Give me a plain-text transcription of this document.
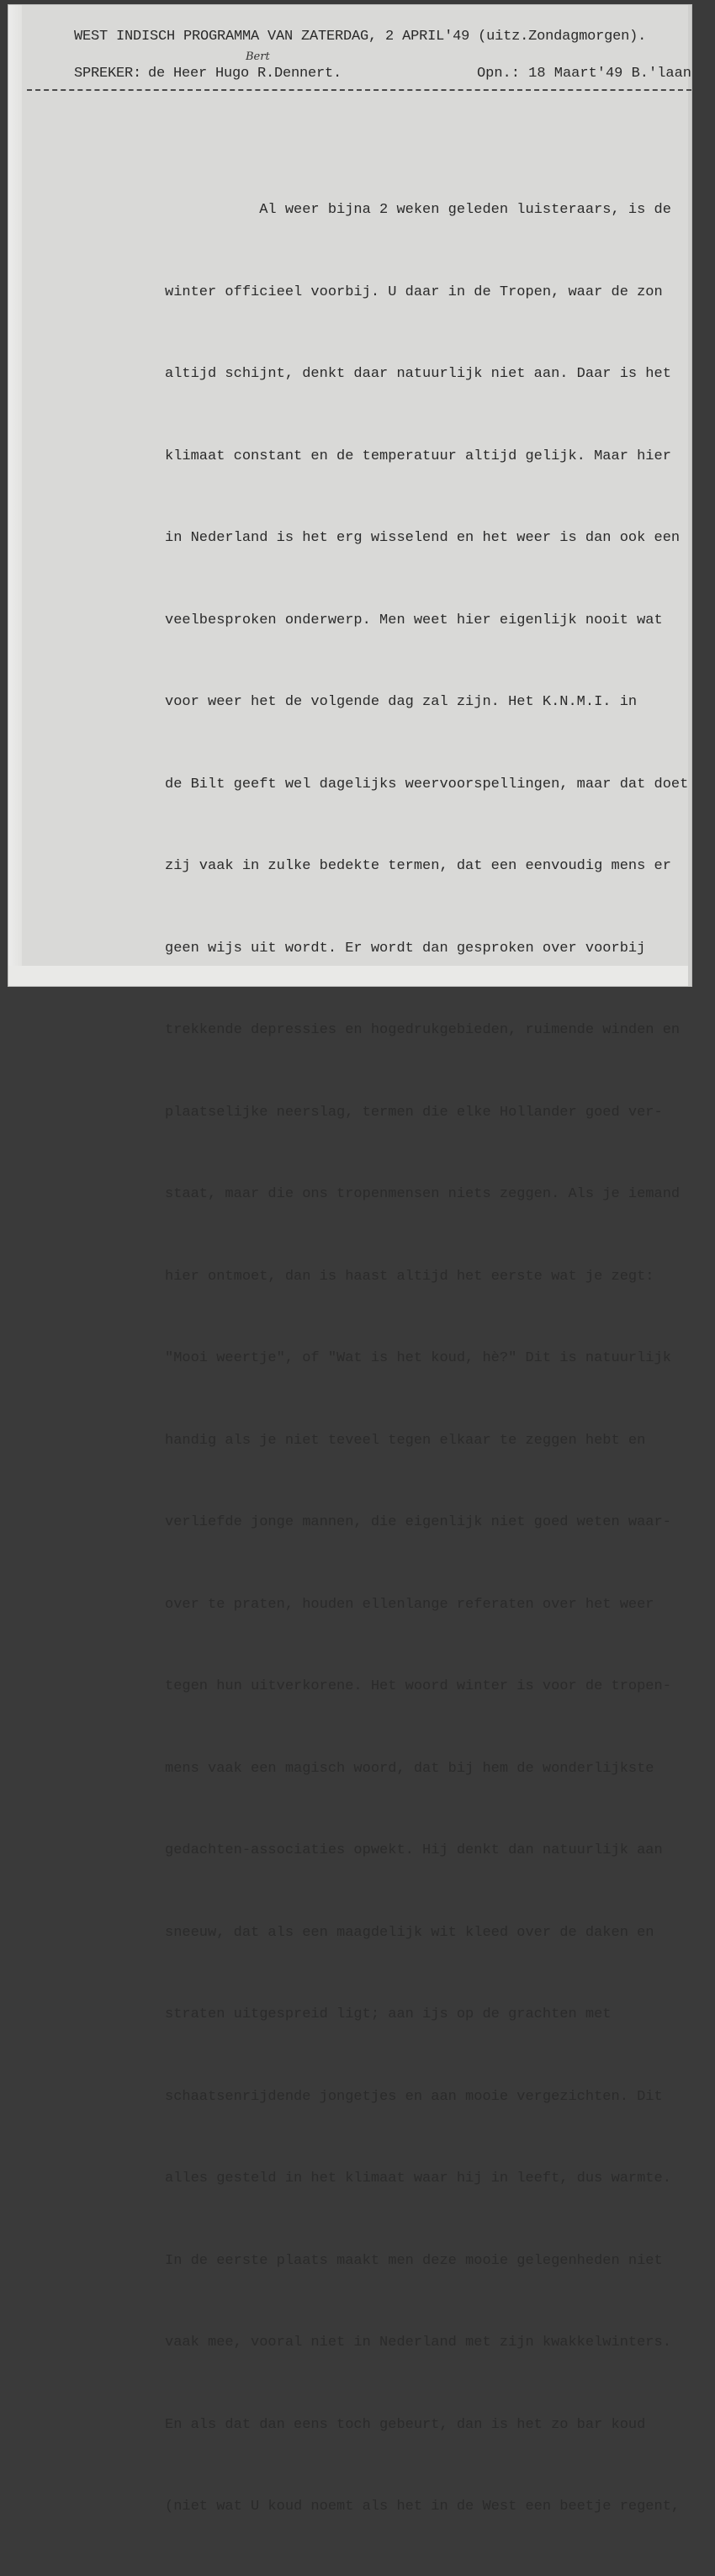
WEST INDISCH PROGRAMMA VAN ZATERDAG, 2 APRIL'49 (uitz.Zondagmorgen).
SPREKER: de Heer Hugo R.Dennert.
Bert
Opn.: 18 Maart'49 B.'laan

Al weer bijna 2 weken geleden luisteraars, is de

winter officieel voorbij. U daar in de Tropen, waar de zon

altijd schijnt, denkt daar natuurlijk niet aan. Daar is het

klimaat constant en de temperatuur altijd gelijk. Maar hier

in Nederland is het erg wisselend en het weer is dan ook een

veelbesproken onderwerp. Men weet hier eigenlijk nooit wat

voor weer het de volgende dag zal zijn. Het K.N.M.I. in

de Bilt geeft wel dagelijks weervoorspellingen, maar dat doet

zij vaak in zulke bedekte termen, dat een eenvoudig mens er

geen wijs uit wordt. Er wordt dan gesproken over voorbij

trekkende depressies en hogedrukgebieden, ruimende winden en

plaatselijke neerslag, termen die elke Hollander goed ver-

staat, maar die ons tropenmensen niets zeggen. Als je iemand

hier ontmoet, dan is haast altijd het eerste wat je zegt:

"Mooi weertje", of "Wat is het koud, hè?" Dit is natuurlijk

handig als je niet teveel tegen elkaar te zeggen hebt en

verliefde jonge mannen, die eigenlijk niet goed weten waar-

over te praten, houden ellenlange referaten over het weer

tegen hun uitverkorene. Het woord winter is voor de tropen-

mens vaak een magisch woord, dat bij hem de wonderlijkste

gedachten-associaties opwekt. Hij denkt dan natuurlijk aan

sneeuw, dat als een maagdelijk wit kleed over de daken en

straten uitgespreid ligt; aan ijs op de grachten met

schaatsenrijdende jongetjes en aan mooie vergezichten. Dit

alles gesteld in het klimaat waar hij in leeft, dus warmte.

In de eerste plaats maakt men deze mooie gelegenheden niet

vaak mee, vooral niet in Nederland met zijn kwakkelwinters.

En als dat dan eens toch gebeurt, dan is het zo bar koud

(niet wat U koud noemt als het in de West een beetje regent,
